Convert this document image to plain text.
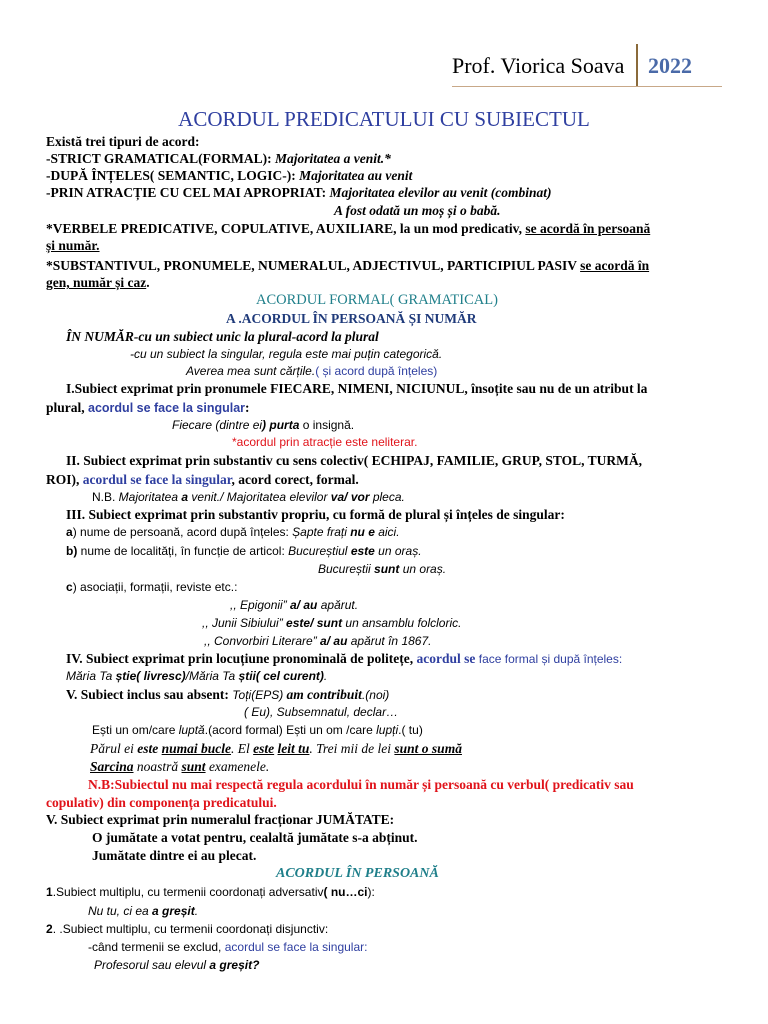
Prof. Viorica Soava 2022
ACORDUL PREDICATULUI CU SUBIECTUL
Există trei tipuri de acord:
-STRICT GRAMATICAL(FORMAL): Majoritatea a venit.*
-DUPĂ ÎNȚELES( SEMANTIC, LOGIC-): Majoritatea au venit
-PRIN ATRACȚIE CU CEL MAI APROPRIAT: Majoritatea elevilor au venit (combinat)
A fost odată un moș și o babă.
*VERBELE PREDICATIVE, COPULATIVE, AUXILIARE, la un mod predicativ, se acordă în persoană
și număr.
*SUBSTANTIVUL, PRONUMELE, NUMERALUL, ADJECTIVUL, PARTICIPIUL PASIV se acordă în
gen, număr și caz.
ACORDUL FORMAL( GRAMATICAL)
A .ACORDUL ÎN PERSOANĂ ȘI NUMĂR
ÎN NUMĂR-cu un subiect unic la plural-acord la plural
-cu un subiect la singular, regula este mai puțin categorică.
Averea mea sunt cărțile.( și acord după înțeles)
I.Subiect exprimat prin pronumele FIECARE, NIMENI, NICIUNUL, însoțite sau nu de un atribut la
plural, acordul se face la singular:
Fiecare (dintre ei) purta o insignă.
*acordul prin atracție este neliterar.
II. Subiect exprimat prin substantiv cu sens colectiv( ECHIPAJ, FAMILIE, GRUP, STOL, TURMĂ,
ROI), acordul se face la singular, acord corect, formal.
N.B. Majoritatea a venit./ Majoritatea elevilor va/ vor pleca.
III. Subiect exprimat prin substantiv propriu, cu formă de plural și înțeles de singular:
a) nume de persoană, acord după înțeles: Șapte frați nu e aici.
b) nume de localități, în funcție de articol: Bucureștiul este un oraș.
Bucureștii sunt un oraș.
c) asociații, formații, reviste etc.:
,, Epigonii” a/ au apărut.
,, Junii Sibiului” este/ sunt un ansamblu folcloric.
,, Convorbiri Literare” a/ au apărut în 1867.
IV. Subiect exprimat prin locuțiune pronominală de politețe, acordul se face formal și după înțeles:
Măria Ta știe( livresc)/Măria Ta știi( cel curent).
V. Subiect inclus sau absent: Toți(EPS) am contribuit.(noi)
( Eu), Subsemnatul, declar…
Ești un om/care luptă.(acord formal) Ești un om /care lupți.( tu)
Părul ei este numai bucle. El este leit tu. Trei mii de lei sunt o sumă
Sarcina noastră sunt examenele.
N.B:Subiectul nu mai respectă regula acordului în număr și persoană cu verbul( predicativ sau
copulativ) din componența predicatului.
V. Subiect exprimat prin numeralul fracționar JUMĂTATE:
O jumătate a votat pentru, cealaltă jumătate s-a abținut.
Jumătate dintre ei au plecat.
ACORDUL ÎN PERSOANĂ
1.Subiect multiplu, cu termenii coordonați adversativ( nu…ci):
Nu tu, ci ea a greșit.
2. .Subiect multiplu, cu termenii coordonați disjunctiv:
-când termenii se exclud, acordul se face la singular:
Profesorul sau elevul a greșit?
